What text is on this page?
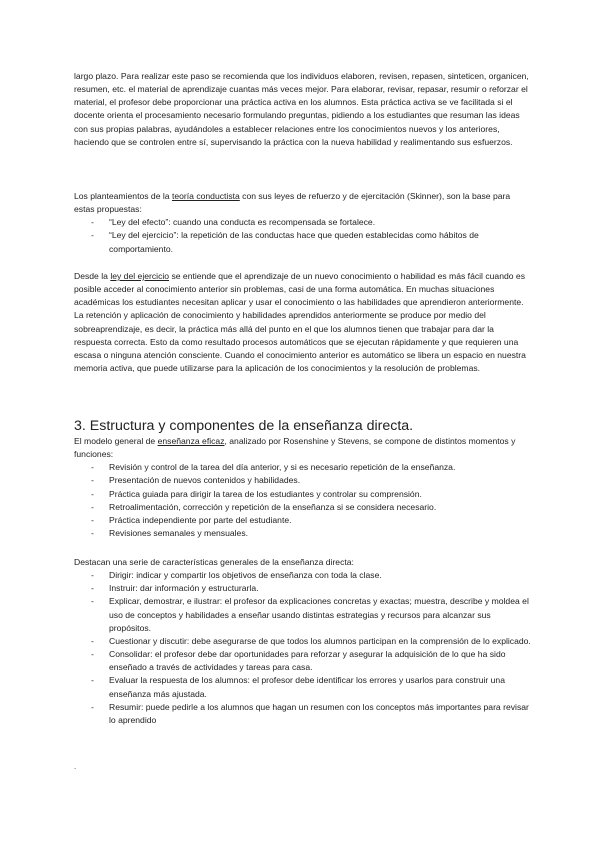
largo plazo. Para realizar este paso se recomienda que los individuos elaboren, revisen, repasen, sinteticen, organicen, resumen, etc. el material de aprendizaje cuantas más veces mejor. Para elaborar, revisar, repasar, resumir o reforzar el material, el profesor debe proporcionar una práctica activa en los alumnos. Esta práctica activa se ve facilitada si el docente orienta el procesamiento necesario formulando preguntas, pidiendo a los estudiantes que resuman las ideas con sus propias palabras, ayudándoles a establecer relaciones entre los conocimientos nuevos y los anteriores, haciendo que se controlen entre sí, supervisando la práctica con la nueva habilidad y realimentando sus esfuerzos.

Los planteamientos de la teoría conductista con sus leyes de refuerzo y de ejercitación (Skinner), son la base para estas propuestas:

- “Ley del efecto”: cuando una conducta es recompensada se fortalece.
- “Ley del ejercicio”: la repetición de las conductas hace que queden establecidas como hábitos de comportamiento.

Desde la ley del ejercicio se entiende que el aprendizaje de un nuevo conocimiento o habilidad es más fácil cuando es posible acceder al conocimiento anterior sin problemas, casi de una forma automática. En muchas situaciones académicas los estudiantes necesitan aplicar y usar el conocimiento o las habilidades que aprendieron anteriormente. La retención y aplicación de conocimiento y habilidades aprendidos anteriormente se produce por medio del sobreaprendizaje, es decir, la práctica más allá del punto en el que los alumnos tienen que trabajar para dar la respuesta correcta. Esto da como resultado procesos automáticos que se ejecutan rápidamente y que requieren una escasa o ninguna atención consciente. Cuando el conocimiento anterior es automático se libera un espacio en nuestra memoria activa, que puede utilizarse para la aplicación de los conocimientos y la resolución de problemas.

3. Estructura y componentes de la enseñanza directa.

El modelo general de enseñanza eficaz, analizado por Rosenshine y Stevens, se compone de distintos momentos y funciones:

- Revisión y control de la tarea del día anterior, y si es necesario repetición de la enseñanza.
- Presentación de nuevos contenidos y habilidades.
- Práctica guiada para dirigir la tarea de los estudiantes y controlar su comprensión.
- Retroalimentación, corrección y repetición de la enseñanza si se considera necesario.
- Práctica independiente por parte del estudiante.
- Revisiones semanales y mensuales.

Destacan una serie de características generales de la enseñanza directa:

- Dirigir: indicar y compartir los objetivos de enseñanza con toda la clase.
- Instruir: dar información y estructurarla.
- Explicar, demostrar, e ilustrar: el profesor da explicaciones concretas y exactas; muestra, describe y moldea el uso de conceptos y habilidades a enseñar usando distintas estrategias y recursos para alcanzar sus propósitos.
- Cuestionar y discutir: debe asegurarse de que todos los alumnos participan en la comprensión de lo explicado.
- Consolidar: el profesor debe dar oportunidades para reforzar y asegurar la adquisición de lo que ha sido enseñado a través de actividades y tareas para casa.
- Evaluar la respuesta de los alumnos: el profesor debe identificar los errores y usarlos para construir una enseñanza más ajustada.
- Resumir: puede pedirle a los alumnos que hagan un resumen con los conceptos más importantes para revisar lo aprendido
.
